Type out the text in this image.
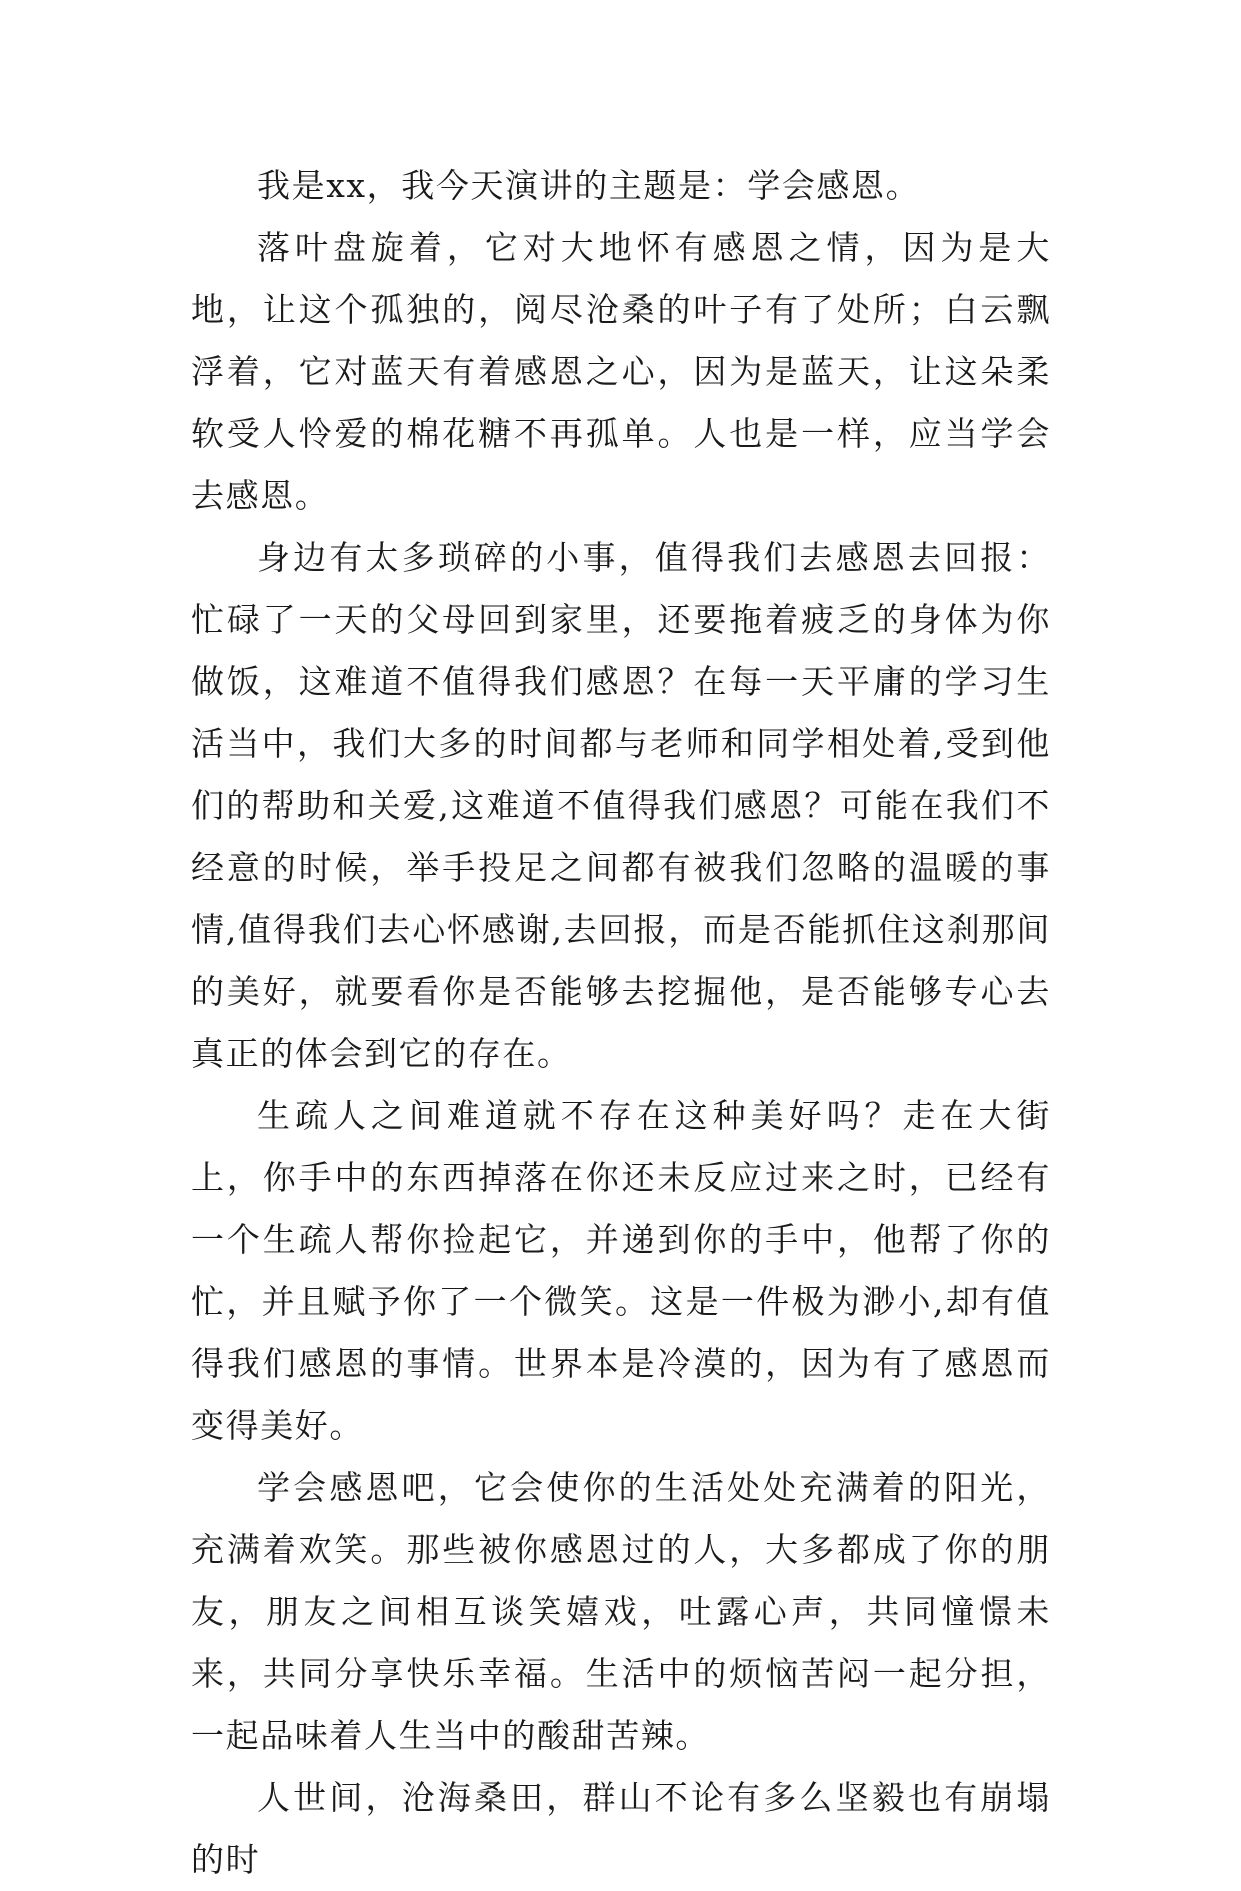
我是xx，我今天演讲的主题是：学会感恩。

落叶盘旋着，它对大地怀有感恩之情，因为是大地，让这个孤独的，阅尽沧桑的叶子有了处所；白云飘浮着，它对蓝天有着感恩之心，因为是蓝天，让这朵柔软受人怜爱的棉花糖不再孤单。人也是一样，应当学会去感恩。

身边有太多琐碎的小事，值得我们去感恩去回报：忙碌了一天的父母回到家里，还要拖着疲乏的身体为你做饭，这难道不值得我们感恩？在每一天平庸的学习生活当中，我们大多的时间都与老师和同学相处着,受到他们的帮助和关爱,这难道不值得我们感恩？可能在我们不经意的时候，举手投足之间都有被我们忽略的温暖的事情,值得我们去心怀感谢,去回报，而是否能抓住这刹那间的美好，就要看你是否能够去挖掘他，是否能够专心去真正的体会到它的存在。

生疏人之间难道就不存在这种美好吗？走在大街上，你手中的东西掉落在你还未反应过来之时，已经有一个生疏人帮你捡起它，并递到你的手中，他帮了你的忙，并且赋予你了一个微笑。这是一件极为渺小,却有值得我们感恩的事情。世界本是冷漠的，因为有了感恩而变得美好。

学会感恩吧，它会使你的生活处处充满着的阳光，充满着欢笑。那些被你感恩过的人，大多都成了你的朋友，朋友之间相互谈笑嬉戏，吐露心声，共同憧憬未来，共同分享快乐幸福。生活中的烦恼苦闷一起分担，一起品味着人生当中的酸甜苦辣。

人世间，沧海桑田，群山不论有多么坚毅也有崩塌的时
